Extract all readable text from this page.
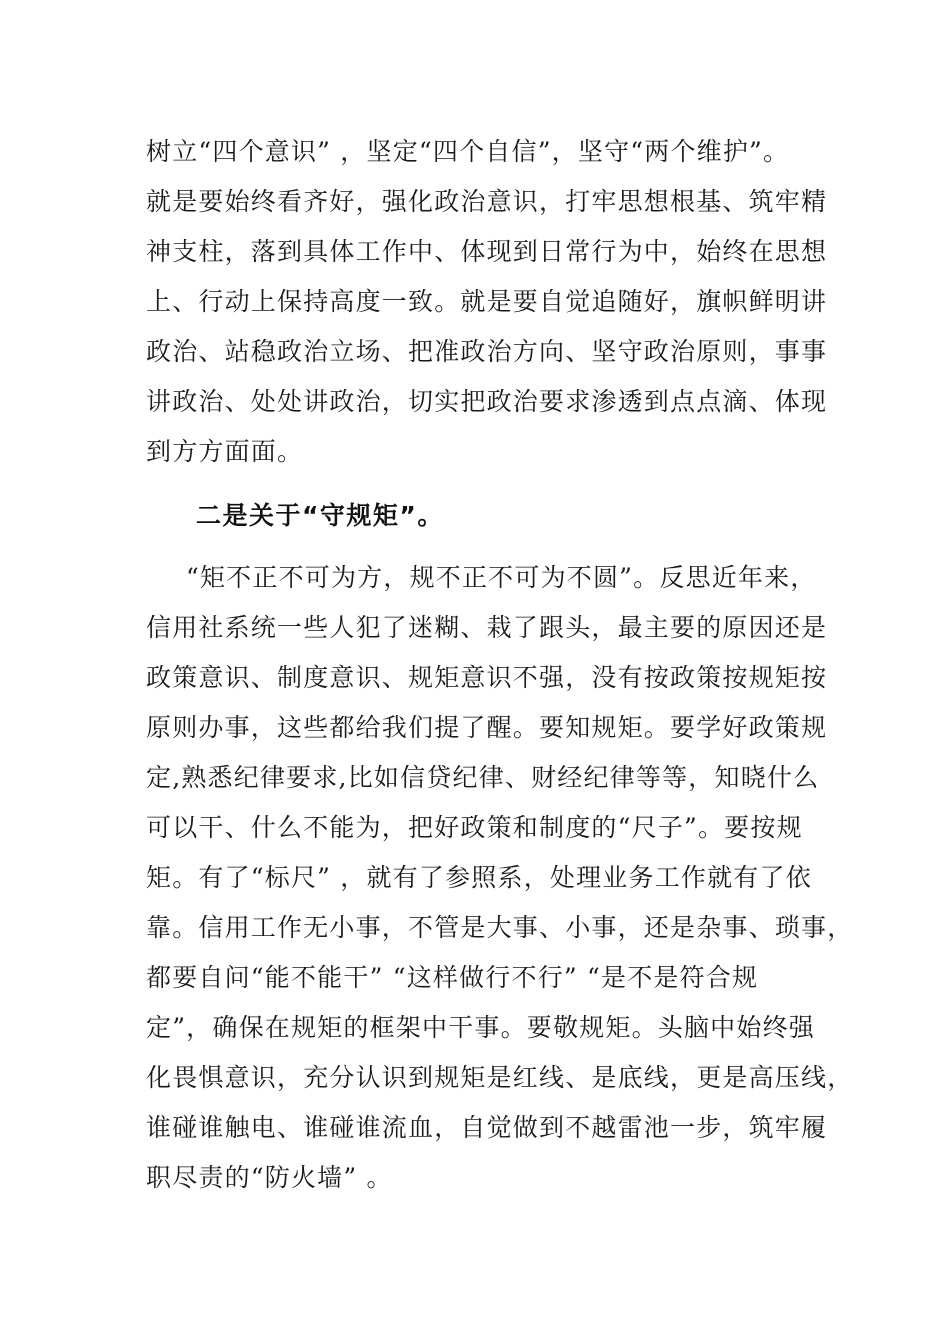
树立“四个意识” ，坚定“四个自信”，坚守“两个维护”。
就是要始终看齐好，强化政治意识，打牢思想根基、筑牢精
神支柱，落到具体工作中、体现到日常行为中，始终在思想
上、行动上保持高度一致。就是要自觉追随好，旗帜鲜明讲
政治、站稳政治立场、把准政治方向、坚守政治原则，事事
讲政治、处处讲政治，切实把政治要求渗透到点点滴、体现
到方方面面。
二是关于“守规矩”。
“矩不正不可为方，规不正不可为不圆”。反思近年来，
信用社系统一些人犯了迷糊、栽了跟头，最主要的原因还是
政策意识、制度意识、规矩意识不强，没有按政策按规矩按
原则办事，这些都给我们提了醒。要知规矩。要学好政策规
定,熟悉纪律要求,比如信贷纪律、财经纪律等等，知晓什么
可以干、什么不能为，把好政策和制度的“尺子”。要按规
矩。有了“标尺” ，就有了参照系，处理业务工作就有了依
靠。信用工作无小事，不管是大事、小事，还是杂事、琐事，
都要自问“能不能干” “这样做行不行” “是不是符合规
定”，确保在规矩的框架中干事。要敬规矩。头脑中始终强
化畏惧意识，充分认识到规矩是红线、是底线，更是高压线，
谁碰谁触电、谁碰谁流血，自觉做到不越雷池一步，筑牢履
职尽责的“防火墙” 。
